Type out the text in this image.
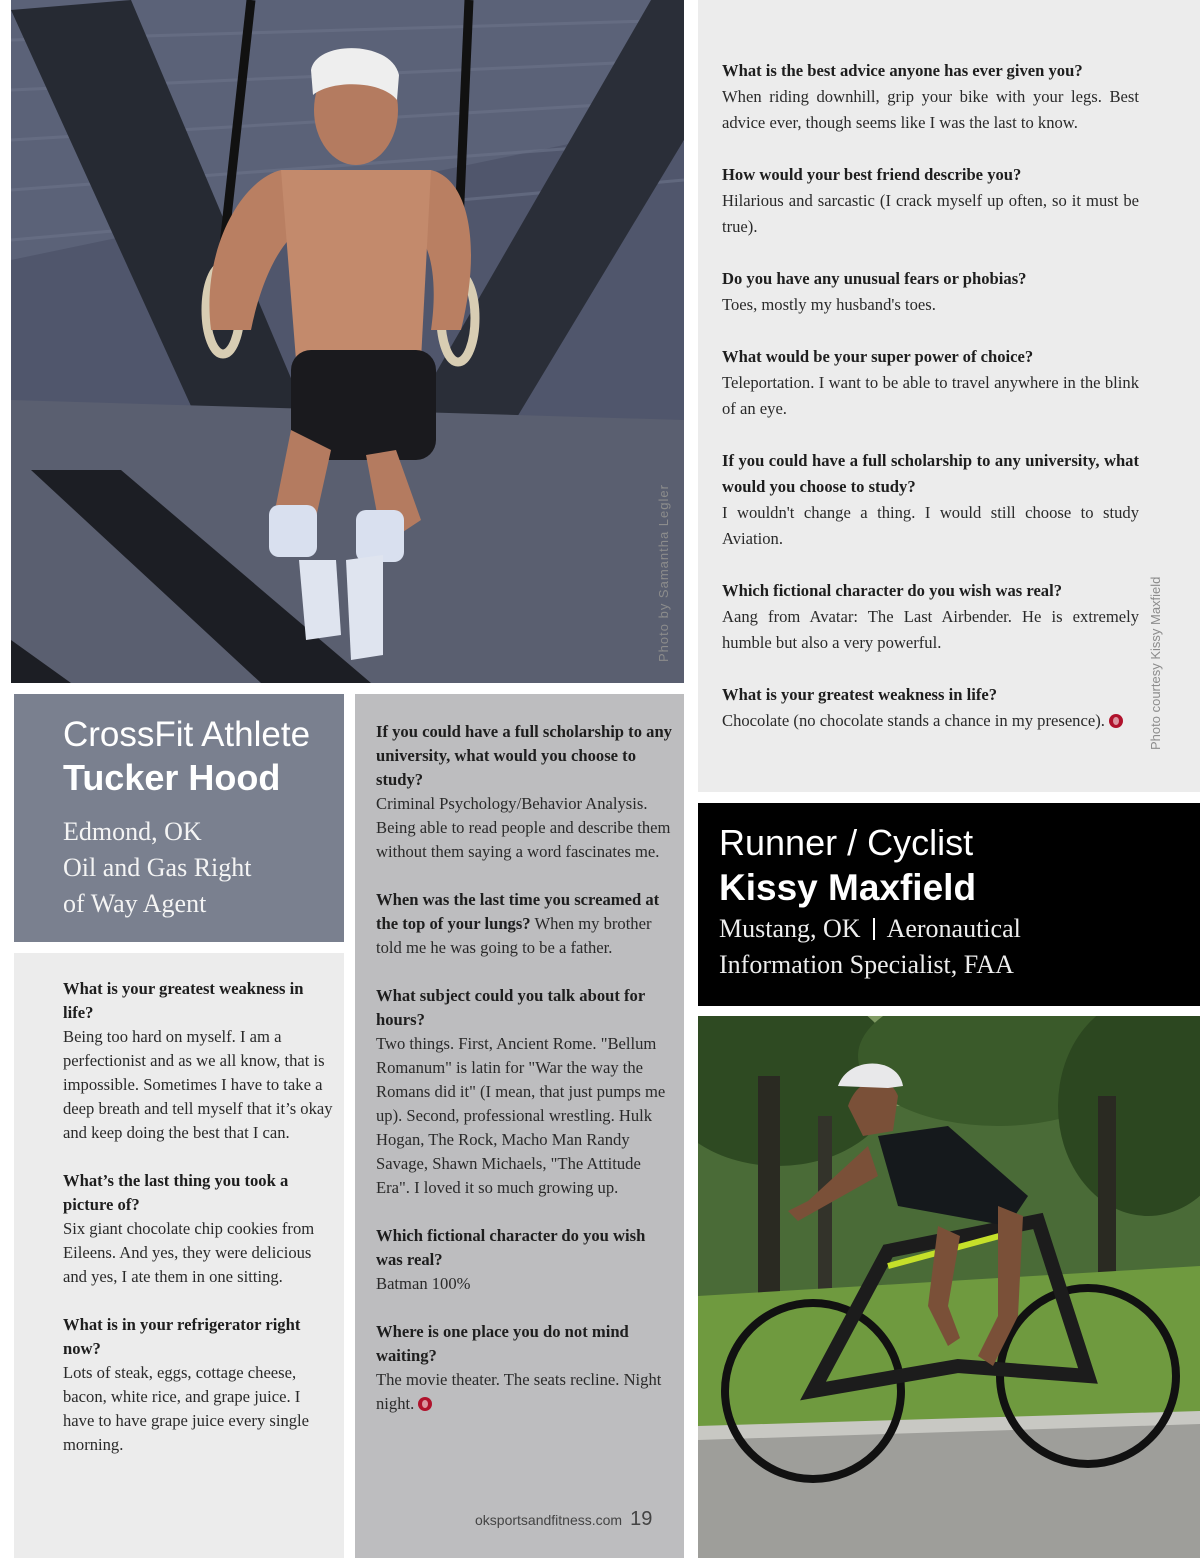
Photo by Samantha Legler
CrossFit Athlete
Tucker Hood
Edmond, OK
Oil and Gas Right
of Way Agent
What is your greatest weakness in life?
Being too hard on myself. I am a perfectionist and as we all know, that is impossible. Sometimes I have to take a deep breath and tell myself that it’s okay and keep doing the best that I can.
What’s the last thing you took a picture of?
Six giant chocolate chip cookies from Eileens. And yes, they were delicious and yes, I ate them in one sitting.
What is in your refrigerator right now?
Lots of steak, eggs, cottage cheese, bacon, white rice, and grape juice. I have to have grape juice every single morning.
If you could have a full scholarship to any university, what would you choose to study?
Criminal Psychology/Behavior Analysis. Being able to read people and describe them without them saying a word fascinates me.
When was the last time you screamed at the top of your lungs? When my brother told me he was going to be a father.
What subject could you talk about for hours?
Two things. First, Ancient Rome. "Bellum Romanum" is latin for "War the way the Romans did it" (I mean, that just pumps me up). Second, professional wrestling. Hulk Hogan, The Rock, Macho Man Randy Savage, Shawn Michaels, "The Attitude Era". I loved it so much growing up.
Which fictional character do you wish was real?
Batman 100%
Where is one place you do not mind waiting?
The movie theater. The seats recline. Night night.
What is the best advice anyone has ever given you?
When riding downhill, grip your bike with your legs. Best advice ever, though seems like I was the last to know.
How would your best friend describe you?
Hilarious and sarcastic (I crack myself up often, so it must be true).
Do you have any unusual fears or phobias?
Toes, mostly my husband's toes.
What would be your super power of choice?
Teleportation. I want to be able to travel anywhere in the blink of an eye.
If you could have a full scholarship to any university, what would you choose to study?
I wouldn't change a thing. I would still choose to study Aviation.
Which fictional character do you wish was real?
Aang from Avatar: The Last Airbender. He is extremely humble but also a very powerful.
What is your greatest weakness in life?
Chocolate (no chocolate stands a chance in my presence).	Photo courtesy Kissy Maxfield
Runner / Cyclist
Kissy Maxfield
Mustang, OK Aeronautical
Information Specialist, FAA
oksportsandfitness.com 19
